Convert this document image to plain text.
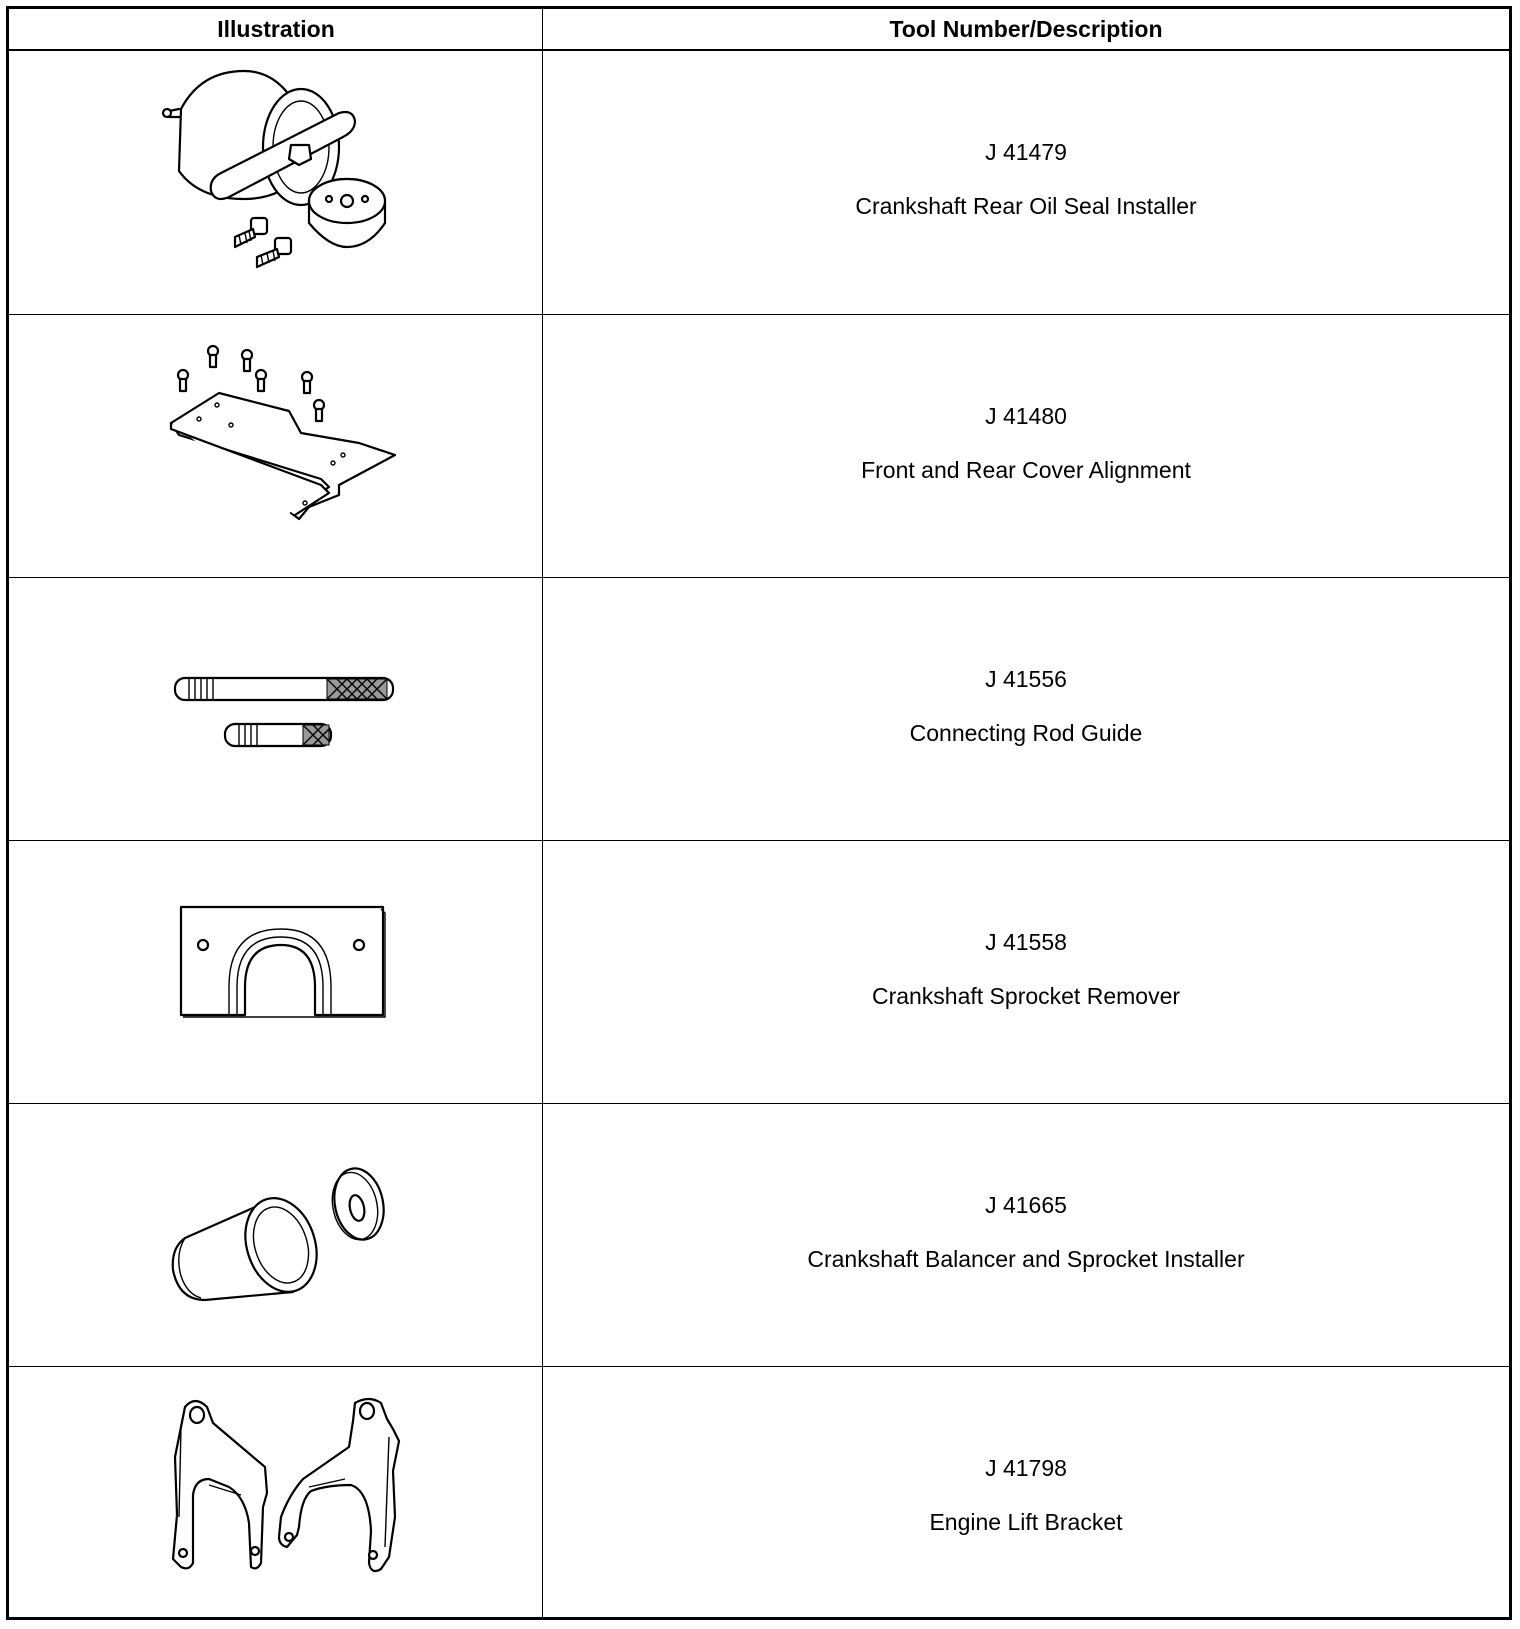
Illustration	Tool Number/Description
J 41479
Crankshaft Rear Oil Seal Installer
J 41480
Front and Rear Cover Alignment
J 41556
Connecting Rod Guide
J 41558
Crankshaft Sprocket Remover
J 41665
Crankshaft Balancer and Sprocket Installer
J 41798
Engine Lift Bracket
